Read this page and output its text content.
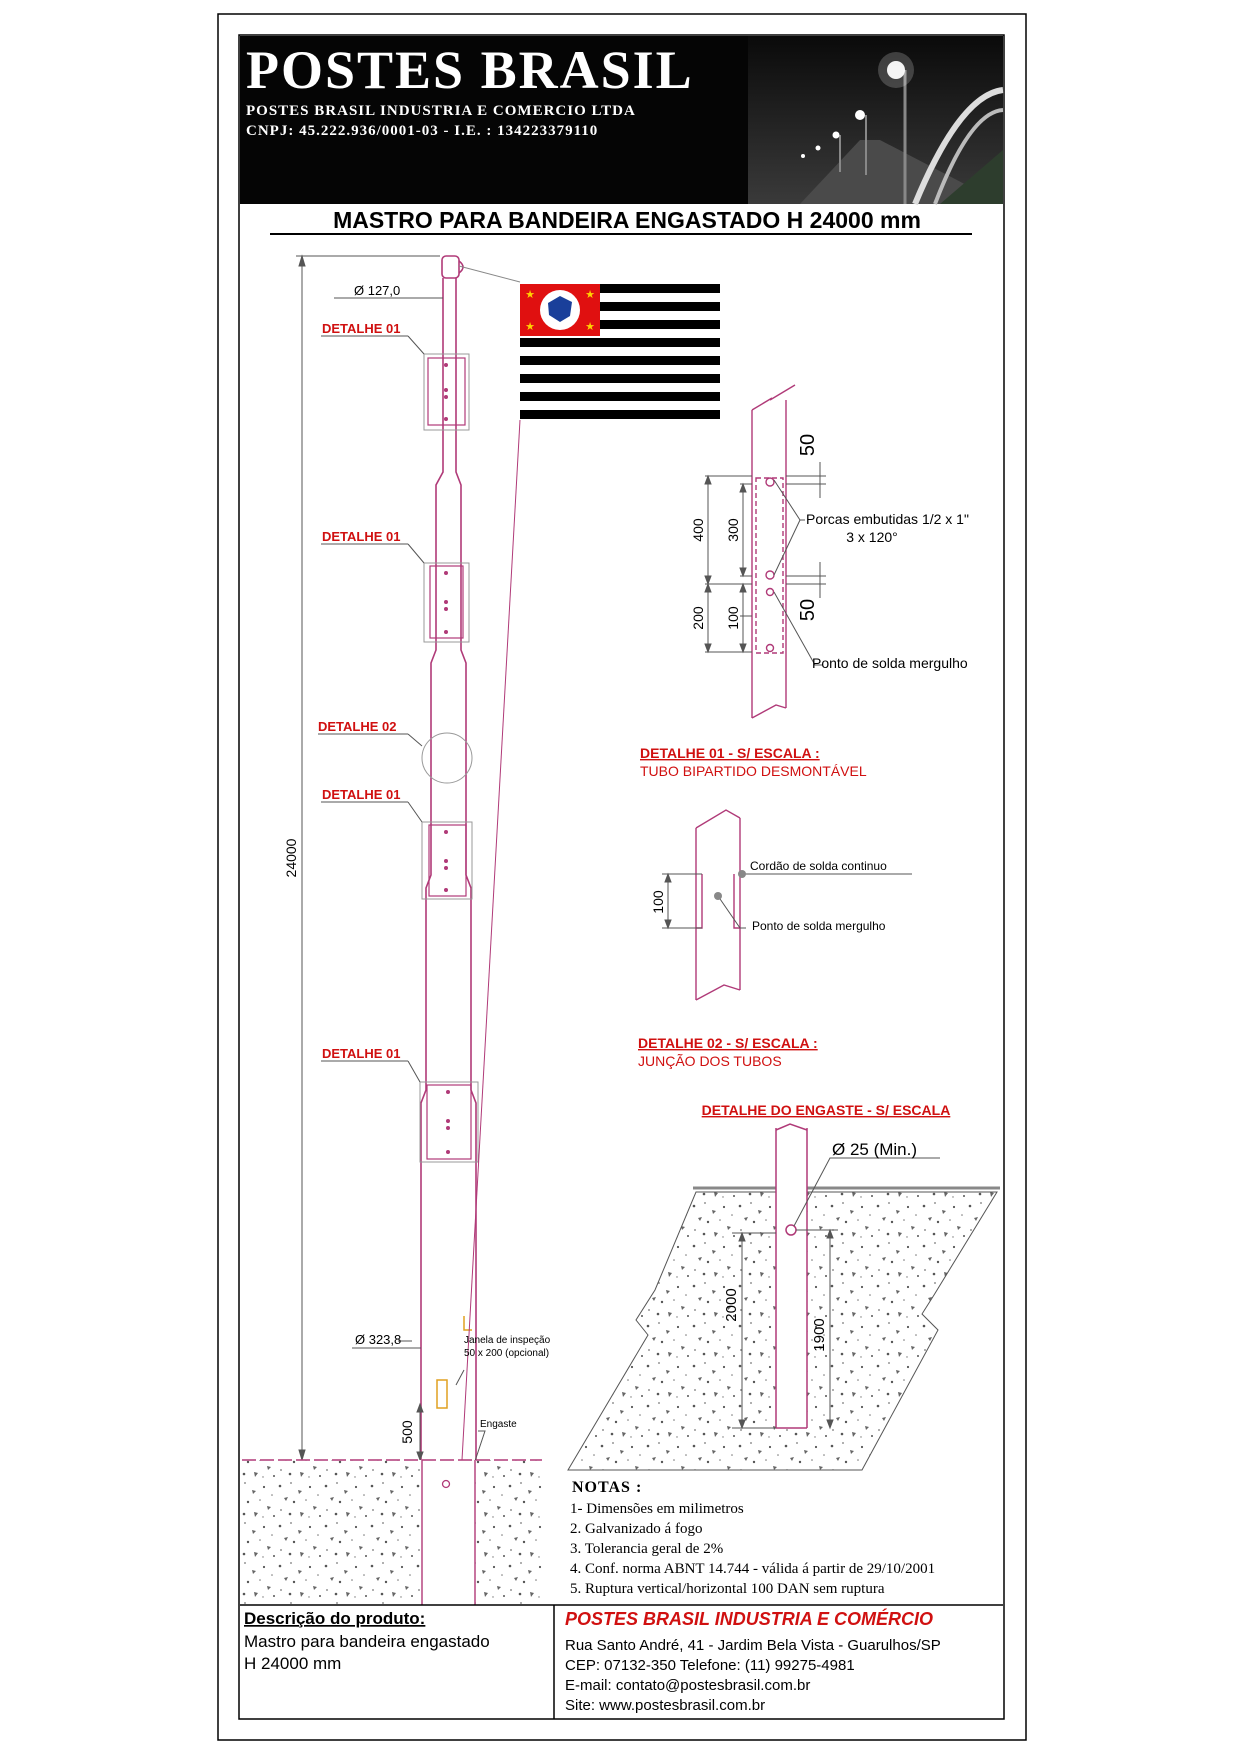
POSTES BRASIL
POSTES BRASIL INDUSTRIA E COMERCIO LTDA
CNPJ: 45.222.936/0001-03 - I.E. : 134223379110
MASTRO PARA BANDEIRA ENGASTADO H 24000 mm
★	★
★	★
Ø 127,0
Ø 323,8
24000
500
Janela de inspeção
50 x 200 (opcional)
Engaste
DETALHE 01
DETALHE 01
DETALHE 02
DETALHE 01
DETALHE 01
50
50
400 300
200 100
Porcas embutidas 1/2 x 1"
3 x 120°
Ponto de solda mergulho
DETALHE 01 - S/ ESCALA :
TUBO BIPARTIDO DESMONTÁVEL
100
Cordão de solda continuo
Ponto de solda mergulho
DETALHE 02 - S/ ESCALA :
JUNÇÃO DOS TUBOS
DETALHE DO ENGASTE - S/ ESCALA
Ø 25 (Min.)
2000
1900
NOTAS :
1- Dimensões em milimetros
2. Galvanizado á fogo
3. Tolerancia geral de 2%
4. Conf. norma ABNT 14.744 - válida á partir de 29/10/2001
5. Ruptura vertical/horizontal 100 DAN sem ruptura
Descrição do produto:
Mastro para bandeira engastado
H 24000 mm
POSTES BRASIL INDUSTRIA E COMÉRCIO
Rua Santo André, 41 - Jardim Bela Vista - Guarulhos/SP
CEP: 07132-350 Telefone: (11) 99275-4981
E-mail: contato@postesbrasil.com.br
Site: www.postesbrasil.com.br
